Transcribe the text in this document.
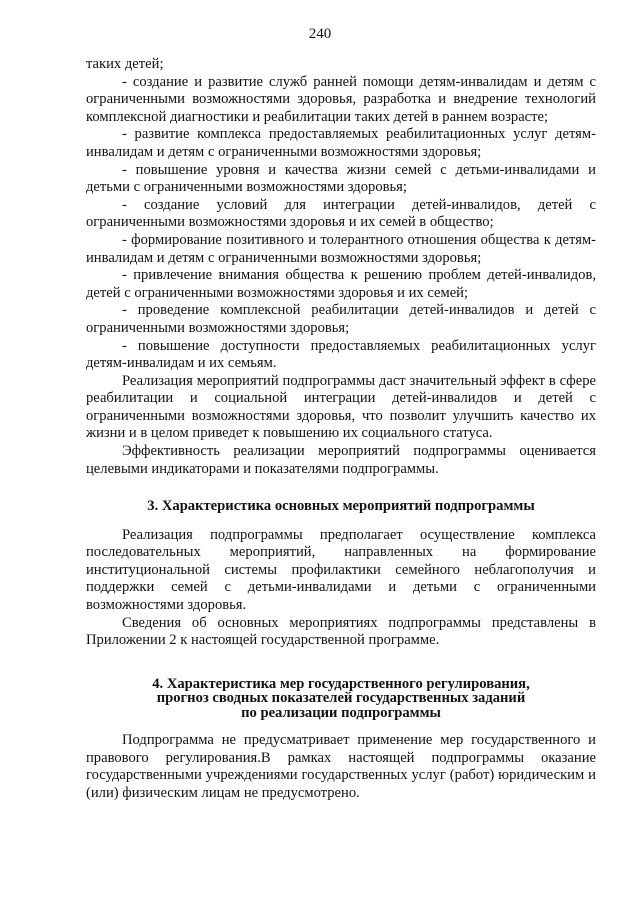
240

таких детей;

- создание и развитие служб ранней помощи детям-инвалидам и детям с ограниченными возможностями здоровья, разработка и внедрение технологий комплексной диагностики и реабилитации таких детей в раннем возрасте;

- развитие комплекса предоставляемых реабилитационных услуг детям-инвалидам и детям с ограниченными возможностями здоровья;

- повышение уровня и качества жизни семей с детьми-инвалидами и детьми с ограниченными возможностями здоровья;

- создание условий для интеграции детей-инвалидов, детей с ограниченными возможностями здоровья и их семей в общество;

- формирование позитивного и толерантного отношения общества к детям-инвалидам и детям с ограниченными возможностями здоровья;

- привлечение внимания общества к решению проблем детей-инвалидов, детей с ограниченными возможностями здоровья и их семей;

- проведение комплексной реабилитации детей-инвалидов и детей с ограниченными возможностями здоровья;

- повышение доступности предоставляемых реабилитационных услуг детям-инвалидам и их семьям.

Реализация мероприятий подпрограммы даст значительный эффект в сфере реабилитации и социальной интеграции детей-инвалидов и детей с ограниченными возможностями здоровья, что позволит улучшить качество их жизни и в целом приведет к повышению их социального статуса.

Эффективность реализации мероприятий подпрограммы оценивается целевыми индикаторами и показателями подпрограммы.

3. Характеристика основных мероприятий подпрограммы

Реализация подпрограммы предполагает осуществление комплекса последовательных мероприятий, направленных на формирование институциональной системы профилактики семейного неблагополучия и поддержки семей с детьми-инвалидами и детьми с ограниченными возможностями здоровья.

Сведения об основных мероприятиях подпрограммы представлены в Приложении 2 к настоящей государственной программе.

4. Характеристика мер государственного регулирования,
прогноз сводных показателей государственных заданий
по реализации подпрограммы

Подпрограмма не предусматривает применение мер государственного и правового регулирования.В рамках настоящей подпрограммы оказание государственными учреждениями государственных услуг (работ) юридическим и (или) физическим лицам не предусмотрено.
